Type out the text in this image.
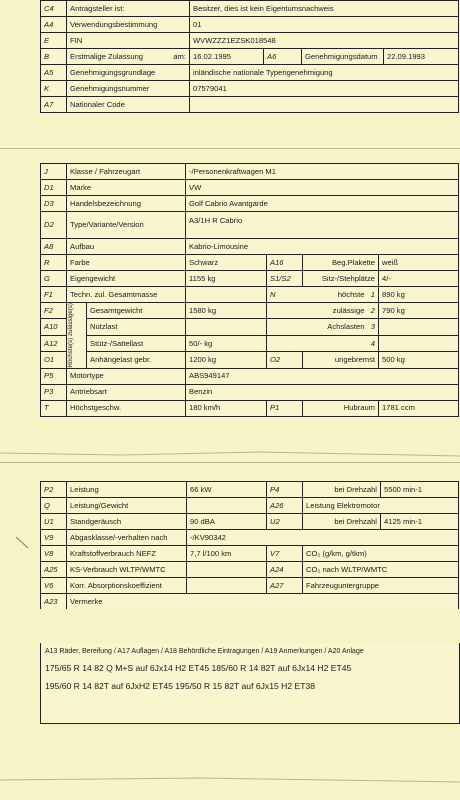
C4	Antragsteller ist:	Besitzer, dies ist kein Eigentumsnachweis			
A4	Verwendungsbestimmung	01			
E	FIN	WVWZZZ1EZSK018548			
B	Erstmalige Zulassung am:	16.02.1995	A6	Genehmigungsdatum	22.09.1993
A5	Genehmigungsgrundlage	inländische nationale Typengenehmigung			
K	Genehmigungsnummer	07579041			
A7	Nationaler Code				
J	Klasse / Fahrzeugart		-/Personenkraftwagen M1			
D1	Marke		VW			
D3	Handelsbezeichnung		Golf Cabrio Avantgarde			
D2	Type/Variante/Version		A3/1H R Cabrio			
A8	Aufbau		Kabrio-Limousine			
R	Farbe		Schwarz	A16	Beg.Plakette	weiß
G	Eigengewicht		1155 kg	S1/S2	Sitz-/Stehplätze	4/-
F1	Techn. zul. Gesamtmasse			N	höchste 1	890 kg
F2	Höchste(s) zulässige(s)	Gesamtgewicht	1580 kg		zulässige 2	790 kg
A10		Nutzlast			Achslasten 3	
A12		Stütz-/Sattellast	50/- kg		4	
O1		Anhängelast gebr.	1200 kg	O2	ungebremst	500 kg
P5	Motortype		ABS949147			
P3	Antriebsart		Benzin			
T	Höchstgeschw.		180 km/h	P1	Hubraum	1781 ccm
P2	Leistung	66 kW	P4	bei Drehzahl	5500 min-1
Q	Leistung/Gewicht		A26	Leistung Elektromotor	
U1	Standgeräusch	90 dBA	U2	bei Drehzahl	4125 min-1
V9	Abgasklasse/-verhalten nach	-/KV90342			
V8	Kraftstoffverbrauch NEFZ	7,7 l/100 km	V7	CO₂ (g/km, g/tkm)	
A25	KS-Verbrauch WLTP/WMTC		A24	CO₂ nach WLTP/WMTC	
V6	Korr. Absorptionskoeffizient		A27	Fahrzeuguntergruppe	
A23	Vermerke				
A13 Räder, Bereifung / A17 Auflagen / A18 Behördliche Eintragungen / A19 Anmerkungen / A20 Anlage
175/65 R 14 82 Q M+S auf 6Jx14 H2 ET45 185/60 R 14 82T auf 6Jx14 H2 ET45
195/60 R 14 82T auf 6JxH2 ET45 195/50 R 15 82T auf 6Jx15 H2 ET38
